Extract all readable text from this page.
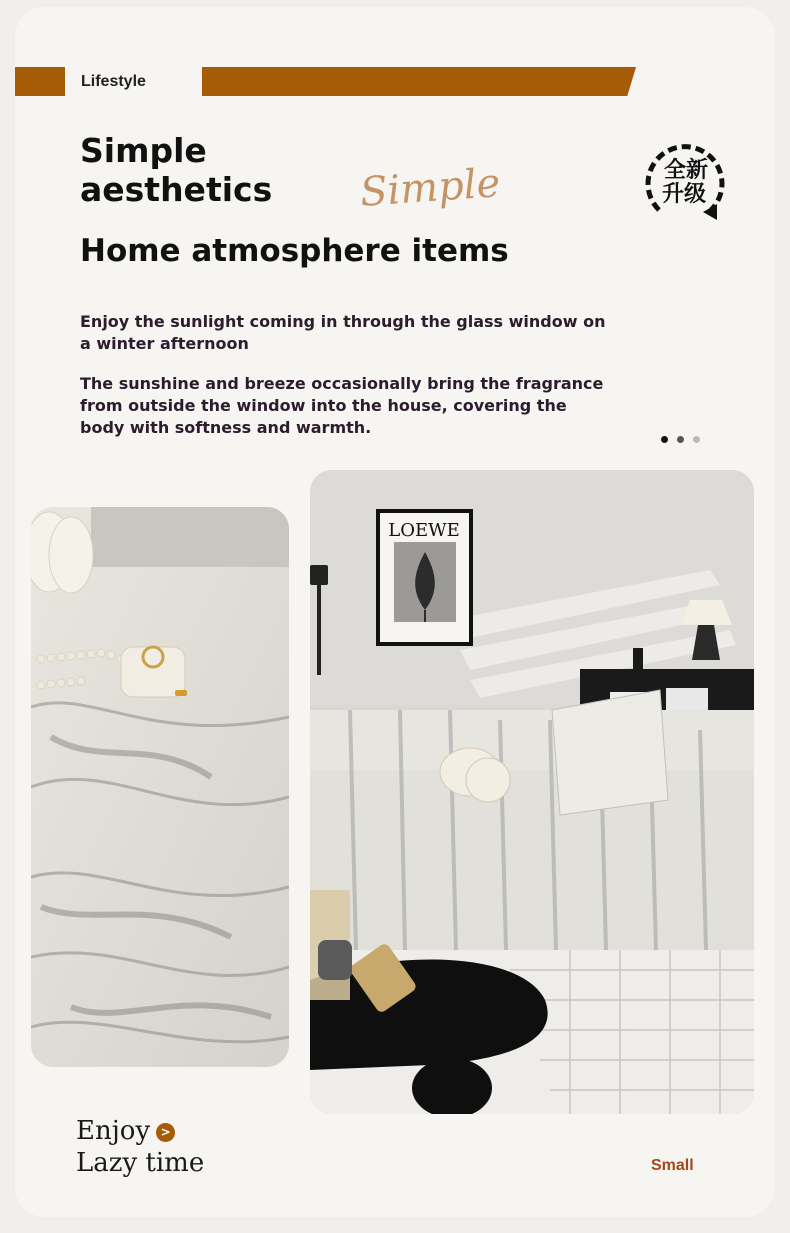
Lifestyle
Simple
aesthetics Simple	全新
升级
Home atmosphere items

Enjoy the sunlight coming in through the glass window on a winter afternoon

The sunshine and breeze occasionally bring the fragrance from outside the window into the house, covering the body with softness and warmth.

LOEWE
Enjoy >
Lazy time	Small
